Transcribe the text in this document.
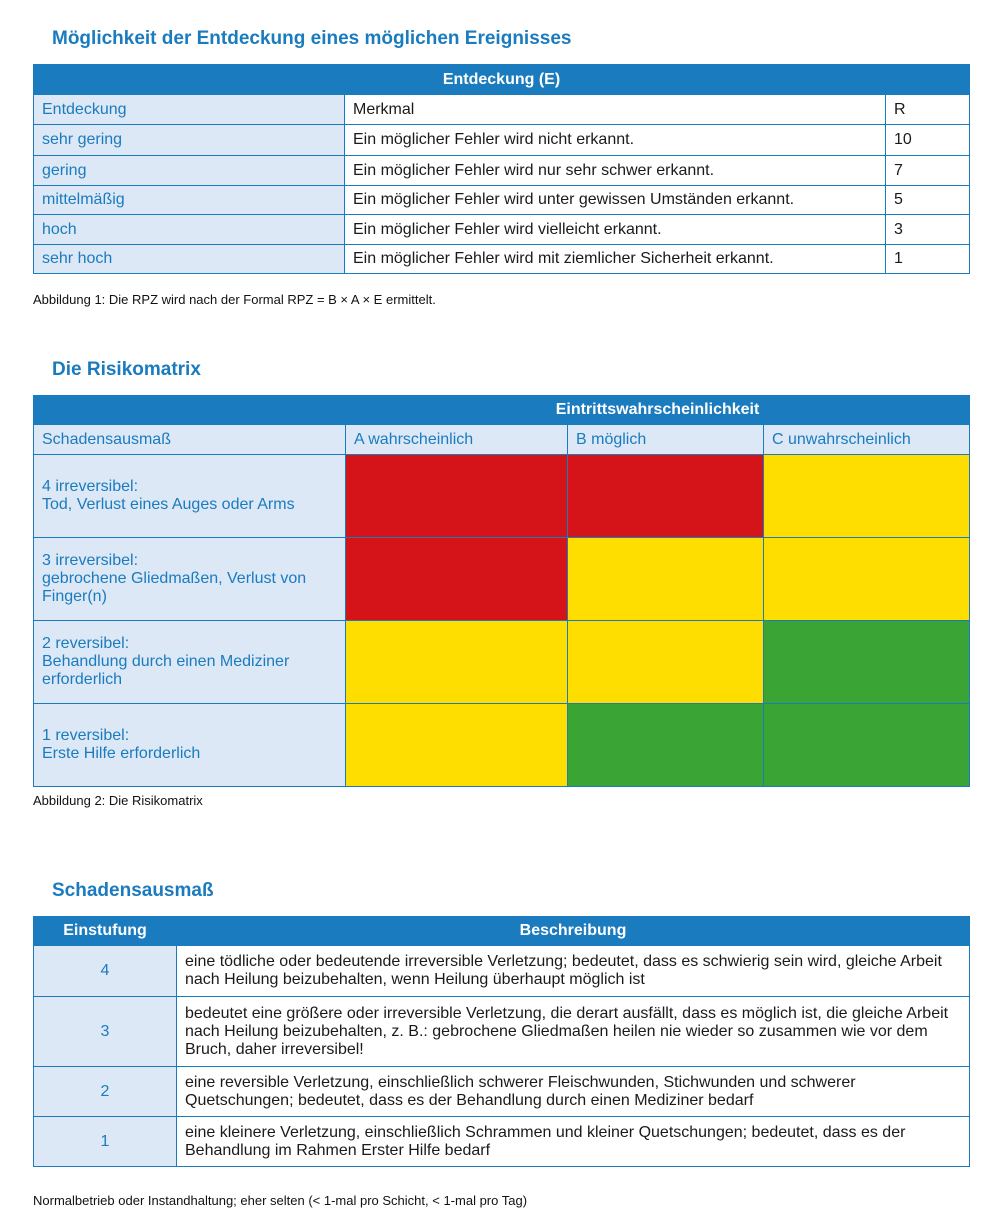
Möglichkeit der Entdeckung eines möglichen Ereignisses
Entdeckung (E)		
Entdeckung	Merkmal	R
sehr gering	Ein möglicher Fehler wird nicht erkannt.	10
gering	Ein möglicher Fehler wird nur sehr schwer erkannt.	7
mittelmäßig	Ein möglicher Fehler wird unter gewissen Umständen erkannt.	5
hoch	Ein möglicher Fehler wird vielleicht erkannt.	3
sehr hoch	Ein möglicher Fehler wird mit ziemlicher Sicherheit erkannt.	1

Abbildung 1: Die RPZ wird nach der Formal RPZ = B × A × E ermittelt.

Die Risikomatrix
	Eintrittswahrscheinlichkeit		
Schadensausmaß	A wahrscheinlich	B möglich	C unwahrscheinlich
4 irreversibel:
Tod, Verlust eines Auges oder Arms			
3 irreversibel:
gebrochene Gliedmaßen, Verlust von Finger(n)			
2 reversibel:
Behandlung durch einen Mediziner erforderlich			
1 reversibel:
Erste Hilfe erforderlich			

Abbildung 2: Die Risikomatrix

Schadensausmaß
Einstufung	Beschreibung
4	eine tödliche oder bedeutende irreversible Verletzung; bedeutet, dass es schwierig sein wird, gleiche Arbeit nach Heilung beizubehalten, wenn Heilung überhaupt möglich ist
3	bedeutet eine größere oder irreversible Verletzung, die derart ausfällt, dass es möglich ist, die gleiche Arbeit nach Heilung beizubehalten, z. B.: gebrochene Gliedmaßen heilen nie wieder so zusammen wie vor dem Bruch, daher irreversibel!
2	eine reversible Verletzung, einschließlich schwerer Fleischwunden, Stichwunden und schwerer Quetschungen; bedeutet, dass es der Behandlung durch einen Mediziner bedarf
1	eine kleinere Verletzung, einschließlich Schrammen und kleiner Quetschungen; bedeutet, dass es der Behandlung im Rahmen Erster Hilfe bedarf

Normalbetrieb oder Instandhaltung; eher selten (< 1-mal pro Schicht, < 1-mal pro Tag)
